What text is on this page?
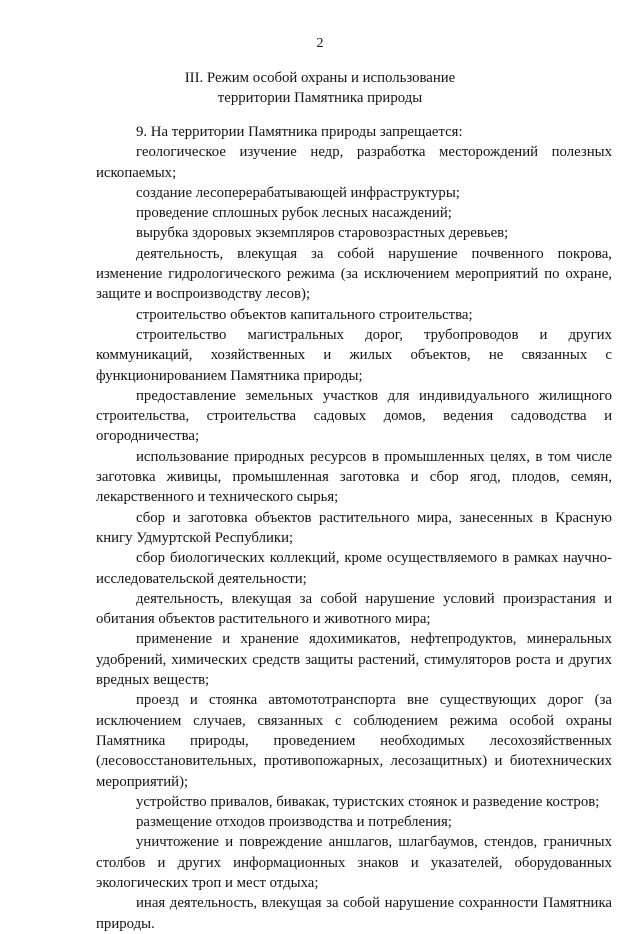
2
III. Режим особой охраны и использование
территории Памятника природы

9. На территории Памятника природы запрещается:

геологическое изучение недр, разработка месторождений полезных ископаемых;

создание лесоперерабатывающей инфраструктуры;

проведение сплошных рубок лесных насаждений;

вырубка здоровых экземпляров старовозрастных деревьев;

деятельность, влекущая за собой нарушение почвенного покрова, изменение гидрологического режима (за исключением мероприятий по охране, защите и воспроизводству лесов);

строительство объектов капитального строительства;

строительство магистральных дорог, трубопроводов и других коммуникаций, хозяйственных и жилых объектов, не связанных с функционированием Памятника природы;

предоставление земельных участков для индивидуального жилищного строительства, строительства садовых домов, ведения садоводства и огородничества;

использование природных ресурсов в промышленных целях, в том числе заготовка живицы, промышленная заготовка и сбор ягод, плодов, семян, лекарственного и технического сырья;

сбор и заготовка объектов растительного мира, занесенных в Красную книгу Удмуртской Республики;

сбор биологических коллекций, кроме осуществляемого в рамках научно-исследовательской деятельности;

деятельность, влекущая за собой нарушение условий произрастания и обитания объектов растительного и животного мира;

применение и хранение ядохимикатов, нефтепродуктов, минеральных удобрений, химических средств защиты растений, стимуляторов роста и других вредных веществ;

проезд и стоянка автомототранспорта вне существующих дорог (за исключением случаев, связанных с соблюдением режима особой охраны Памятника природы, проведением необходимых лесохозяйственных (лесовосстановительных, противопожарных, лесозащитных) и биотехнических мероприятий);

устройство привалов, бивакак, туристских стоянок и разведение костров;

размещение отходов производства и потребления;

уничтожение и повреждение аншлагов, шлагбаумов, стендов, граничных столбов и других информационных знаков и указателей, оборудованных экологических троп и мест отдыха;

иная деятельность, влекущая за собой нарушение сохранности Памятника природы.
